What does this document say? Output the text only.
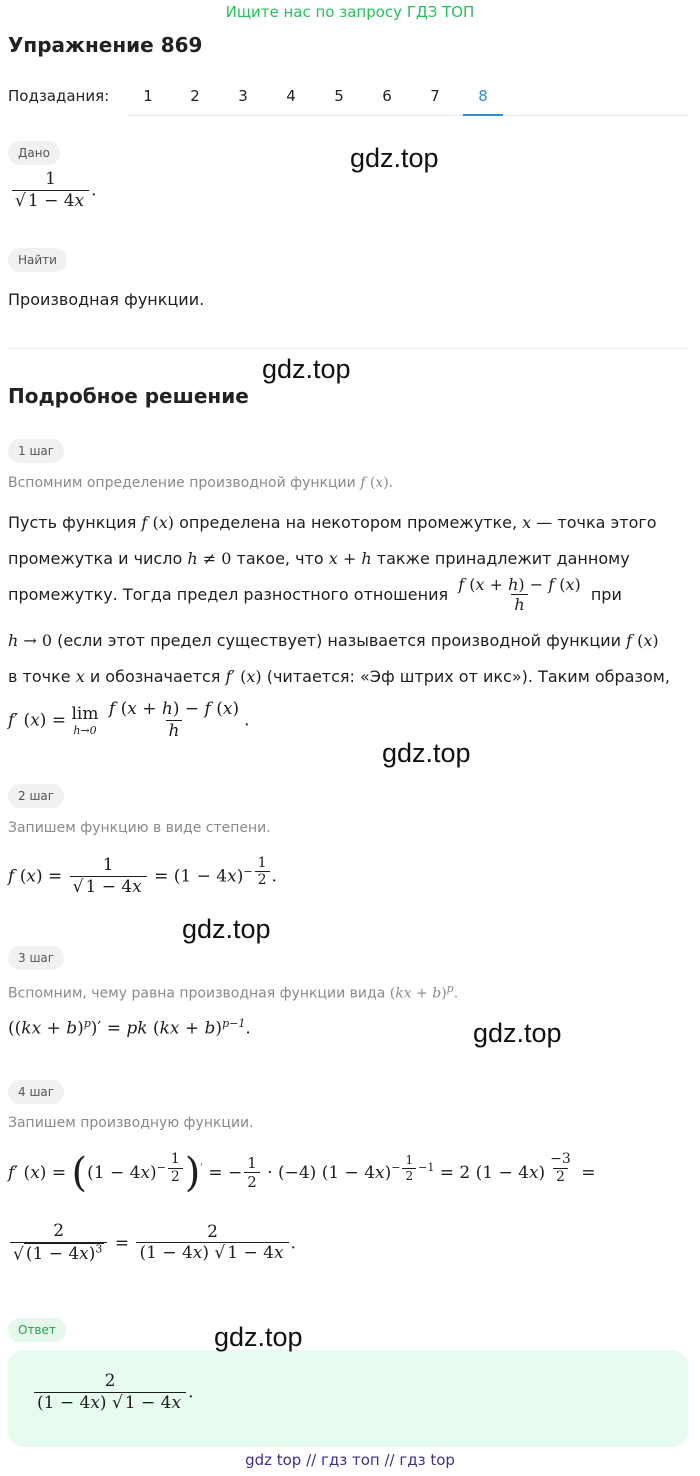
Ищите нас по запросу ГДЗ ТОП
Упражнение 869
Подзадания:	1	2	3	4	5	6	7	8
Дано
$\frac{1}{√ 1 - 4x}$ .
gdz.top
Найти
Производная функции.
gdz.top
Подробное решение
1 шаг
Вспомним определение производной функции f (x).
Пусть функция f (x) определена на некотором промежутке, x — точка этого
промежутка и число h ≠ 0 такое, что x + h также принадлежит данному
промежутку. Тогда предел разностного отношения $\frac{f (x + h) - f (x)}{h}$ при
h → 0 (если этот предел существует) называется производной функции f (x)
в точке x и обозначается f′ (x) (читается: «Эф штрих от икс»). Таким образом,
f′ (x) = lim
h→0
$\frac{f (x + h) - f (x)}{h}$ .
gdz.top
2 шаг
Запишем функцию в виде степени.
f $(x) = \frac{1}{√ 1 - 4x} = (1 - 4x)^{- \frac{1}{2}}$ .
gdz.top
3 шаг
Вспомним, чему равна производная функции вида (kx + b)$^p$.
((kx + b)$^p$)′ = pk (kx + b)$^{p-1}$.	gdz.top
4 шаг
Запишем производную функции.
f′ $(x) = ((1 - 4x)^{- \frac{1}{2}}$ )′ = − $\frac{1}{2} \cdot (-4) (1 - 4x)^{- \frac{1}{2} -1} = 2$ (1 − 4x) $^{\frac{-3}{2}}$ =
$\frac{2}{√ (1 - 4x)^3} = \frac{2}{(1 - 4x) √ 1 - 4x}$ .
Ответ	gdz.top
$\frac{2}{(1 - 4x) √ 1 - 4x}$ .
gdz top // гдз топ // гдз top
